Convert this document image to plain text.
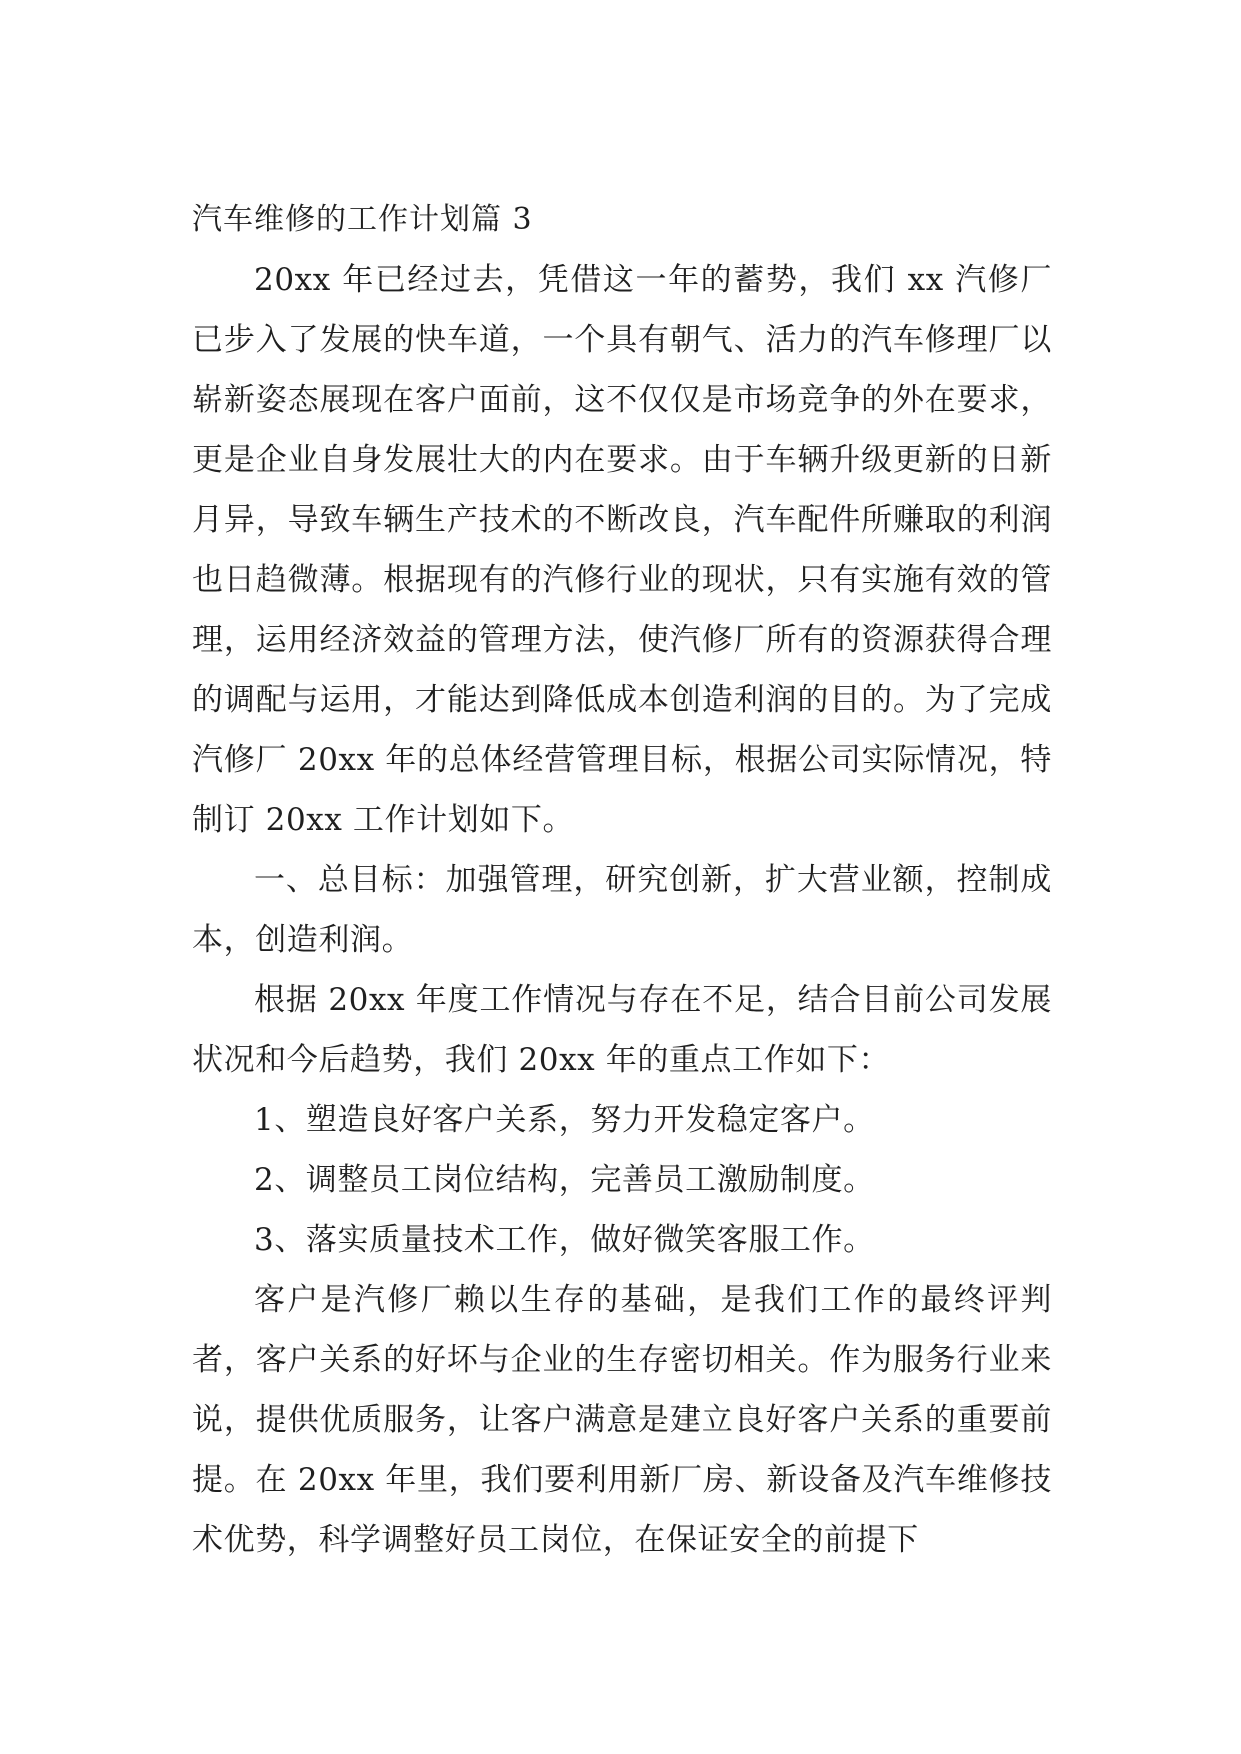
汽车维修的工作计划篇 3

20xx 年已经过去，凭借这一年的蓄势，我们 xx 汽修厂已步入了发展的快车道，一个具有朝气、活力的汽车修理厂以崭新姿态展现在客户面前，这不仅仅是市场竞争的外在要求，更是企业自身发展壮大的内在要求。由于车辆升级更新的日新月异，导致车辆生产技术的不断改良，汽车配件所赚取的利润也日趋微薄。根据现有的汽修行业的现状，只有实施有效的管理，运用经济效益的管理方法，使汽修厂所有的资源获得合理的调配与运用，才能达到降低成本创造利润的目的。为了完成汽修厂 20xx 年的总体经营管理目标，根据公司实际情况，特制订 20xx 工作计划如下。

一、总目标：加强管理，研究创新，扩大营业额，控制成本，创造利润。

根据 20xx 年度工作情况与存在不足，结合目前公司发展状况和今后趋势，我们 20xx 年的重点工作如下：

1、塑造良好客户关系，努力开发稳定客户。

2、调整员工岗位结构，完善员工激励制度。

3、落实质量技术工作，做好微笑客服工作。

客户是汽修厂赖以生存的基础，是我们工作的最终评判者，客户关系的好坏与企业的生存密切相关。作为服务行业来说，提供优质服务，让客户满意是建立良好客户关系的重要前提。在 20xx 年里，我们要利用新厂房、新设备及汽车维修技术优势，科学调整好员工岗位，在保证安全的前提下
